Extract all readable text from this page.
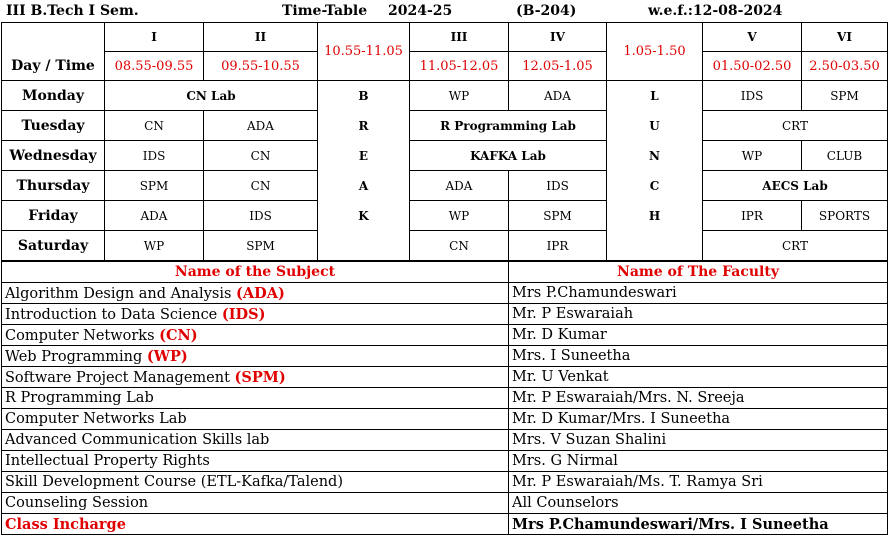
III B.Tech I Sem.	Time-Table 2024-25	(B-204)	w.e.f.:12-08-2024
	I	II	10.55-11.05	III	IV	1.05-1.50	V	VI
Day / Time	08.55-09.55	09.55-10.55		11.05-12.05	12.05-1.05		01.50-02.50	2.50-03.50
Monday	CN Lab		B	WP	ADA	L	IDS	SPM
Tuesday	CN	ADA	R	R Programming Lab		U	CRT	
Wednesday	IDS	CN	E	KAFKA Lab		N	WP	CLUB
Thursday	SPM	CN	A	ADA	IDS	C	AECS Lab	
Friday	ADA	IDS	K	WP	SPM	H	IPR	SPORTS
Saturday	WP	SPM		CN	IPR		CRT	
Name of the Subject	Name of The Faculty
Algorithm Design and Analysis (ADA)	Mrs P.Chamundeswari
Introduction to Data Science (IDS)	Mr. P Eswaraiah
Computer Networks (CN)	Mr. D Kumar
Web Programming (WP)	Mrs. I Suneetha
Software Project Management (SPM)	Mr. U Venkat
R Programming Lab	Mr. P Eswaraiah/Mrs. N. Sreeja
Computer Networks Lab	Mr. D Kumar/Mrs. I Suneetha
Advanced Communication Skills lab	Mrs. V Suzan Shalini
Intellectual Property Rights	Mrs. G Nirmal
Skill Development Course (ETL-Kafka/Talend)	Mr. P Eswaraiah/Ms. T. Ramya Sri
Counseling Session	All Counselors
Class Incharge	Mrs P.Chamundeswari/Mrs. I Suneetha
